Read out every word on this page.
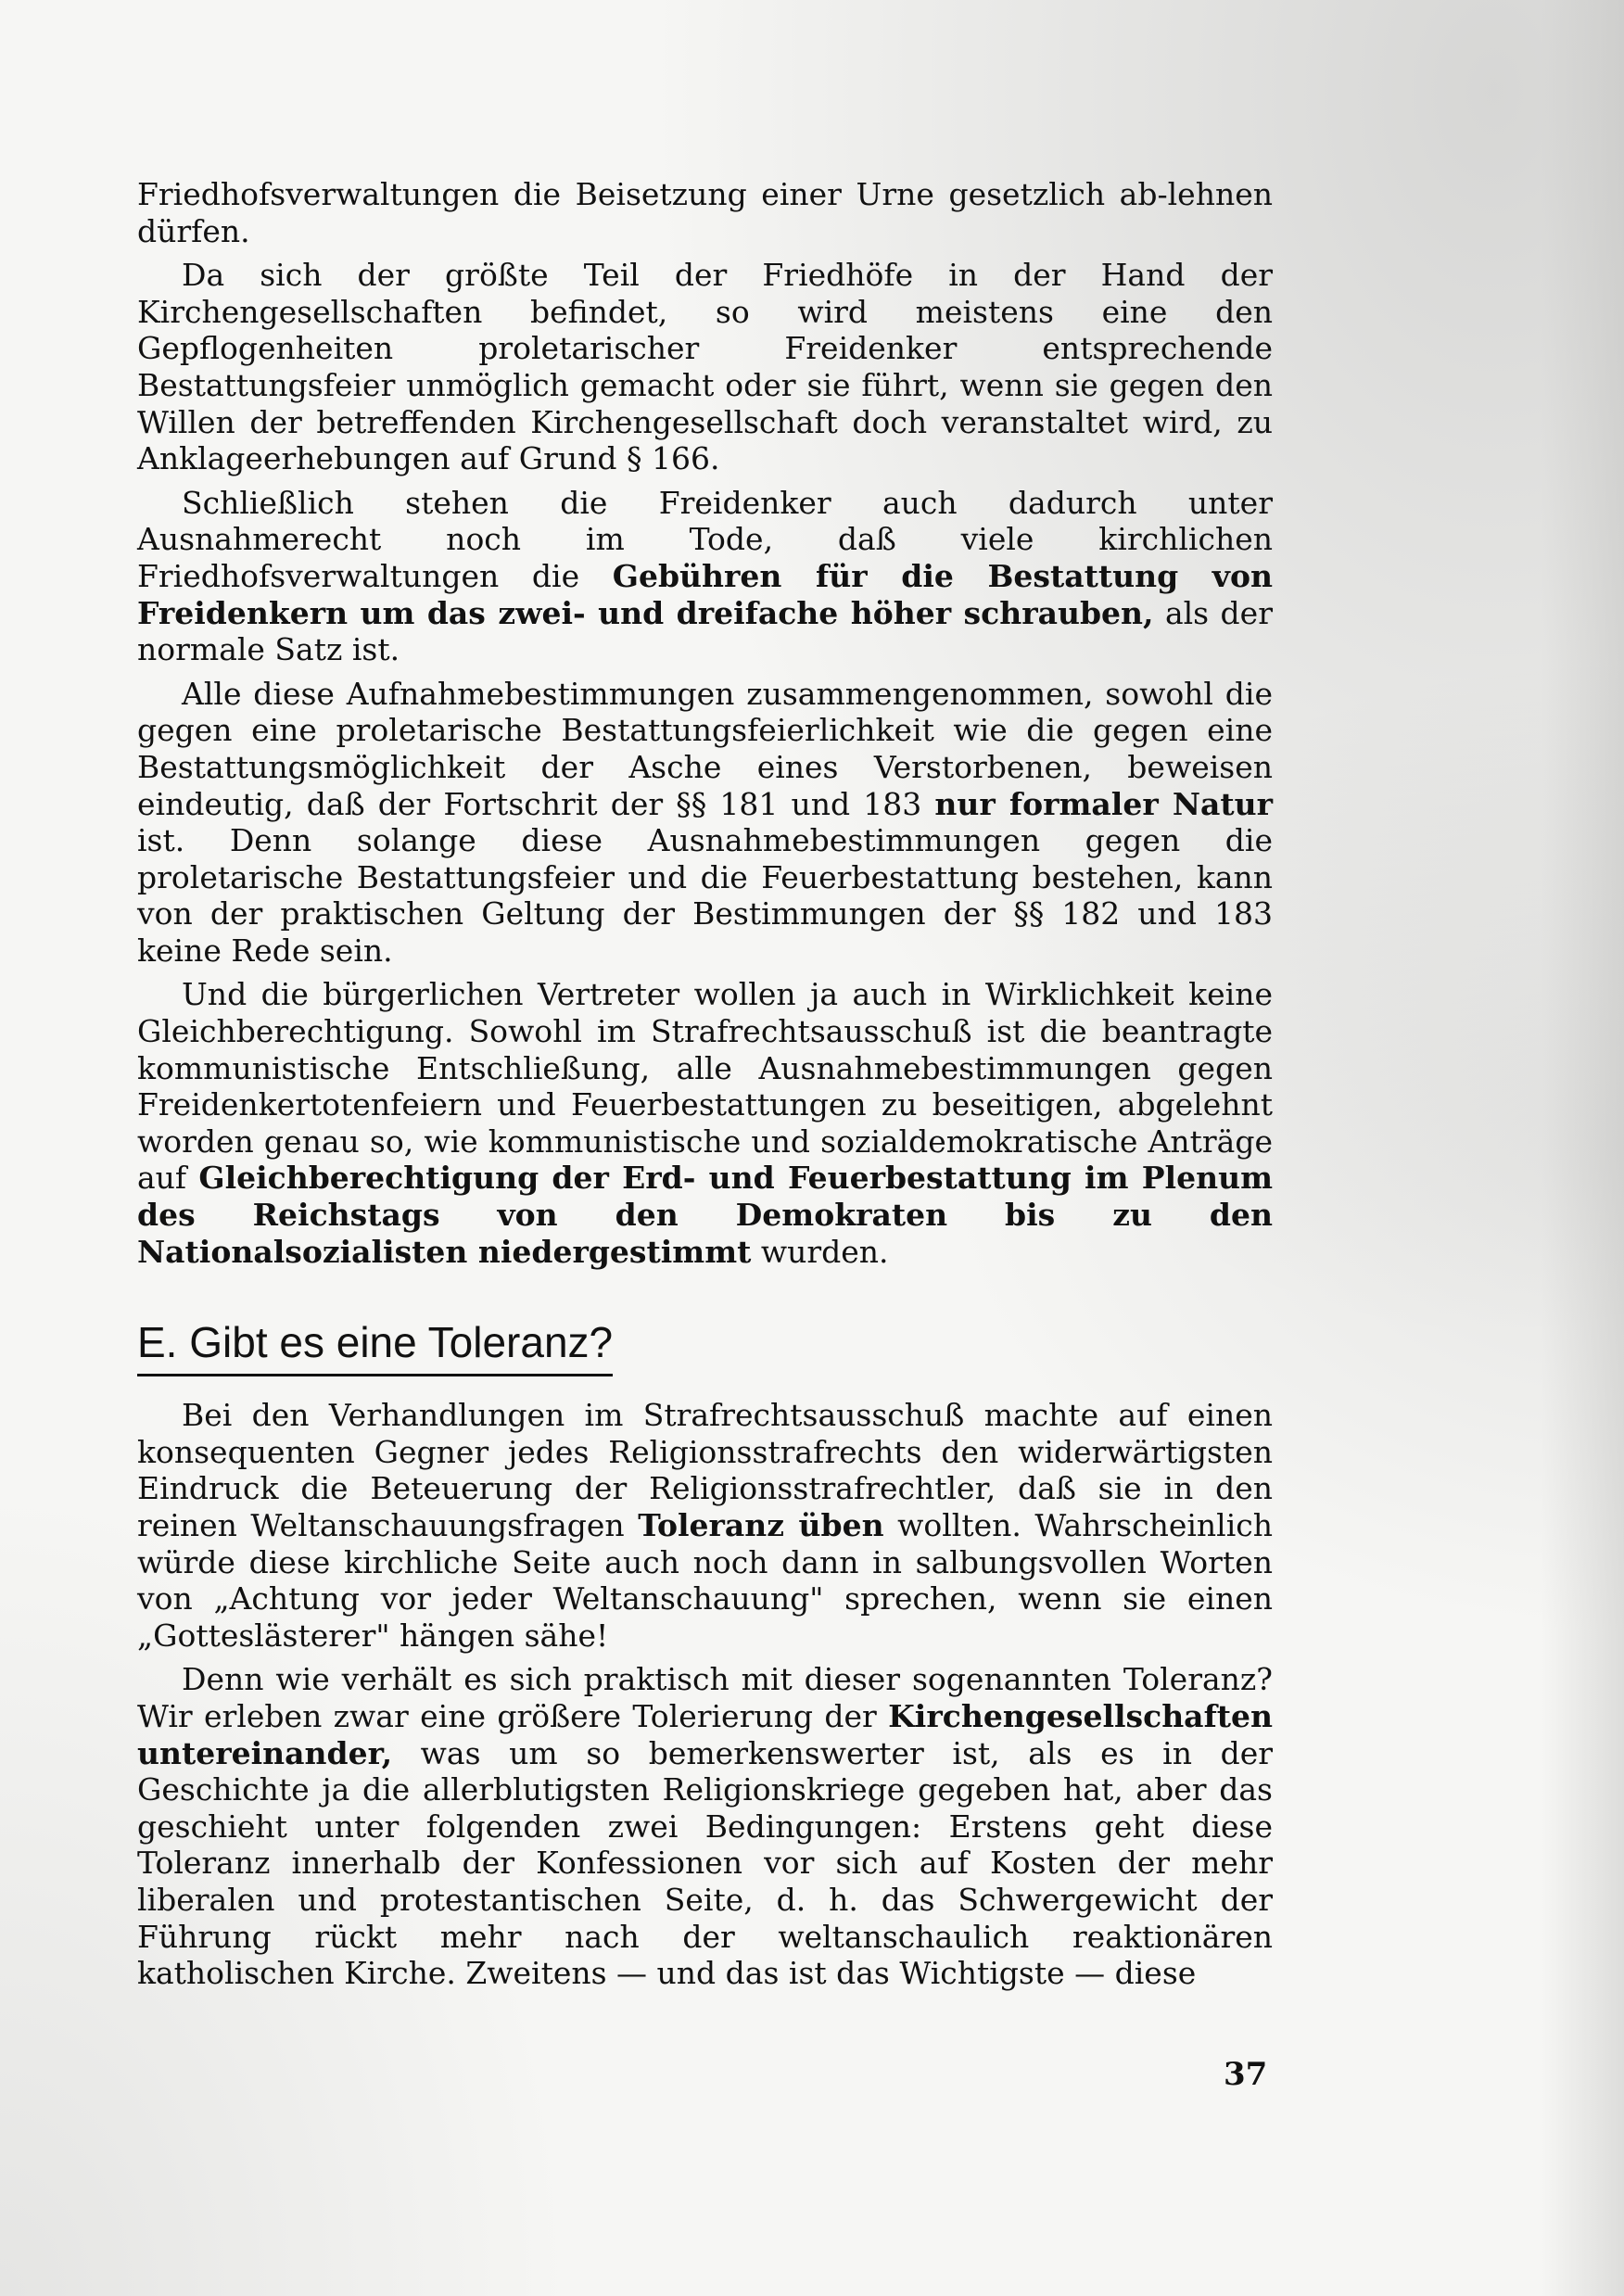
Friedhofsverwaltungen die Beisetzung einer Urne gesetzlich ab-lehnen dürfen.

Da sich der größte Teil der Friedhöfe in der Hand der Kirchengesellschaften befindet, so wird meistens eine den Gepflogenheiten proletarischer Freidenker entsprechende Bestattungsfeier unmöglich gemacht oder sie führt, wenn sie gegen den Willen der betreffenden Kirchengesellschaft doch veranstaltet wird, zu Anklageerhebungen auf Grund § 166.

Schließlich stehen die Freidenker auch dadurch unter Ausnahmerecht noch im Tode, daß viele kirchlichen Friedhofsverwaltungen die Gebühren für die Bestattung von Freidenkern um das zwei- und dreifache höher schrauben, als der normale Satz ist.

Alle diese Aufnahmebestimmungen zusammengenommen, sowohl die gegen eine proletarische Bestattungsfeierlichkeit wie die gegen eine Bestattungsmöglichkeit der Asche eines Verstorbenen, beweisen eindeutig, daß der Fortschrit der §§ 181 und 183 nur formaler Natur ist. Denn solange diese Ausnahmebestimmungen gegen die proletarische Bestattungsfeier und die Feuerbestattung bestehen, kann von der praktischen Geltung der Bestimmungen der §§ 182 und 183 keine Rede sein.

Und die bürgerlichen Vertreter wollen ja auch in Wirklichkeit keine Gleichberechtigung. Sowohl im Strafrechtsausschuß ist die beantragte kommunistische Entschließung, alle Ausnahmebestimmungen gegen Freidenkertotenfeiern und Feuerbestattungen zu beseitigen, abgelehnt worden genau so, wie kommunistische und sozialdemokratische Anträge auf Gleichberechtigung der Erd- und Feuerbestattung im Plenum des Reichstags von den Demokraten bis zu den Nationalsozialisten niedergestimmt wurden.

E. Gibt es eine Toleranz?

Bei den Verhandlungen im Strafrechtsausschuß machte auf einen konsequenten Gegner jedes Religionsstrafrechts den widerwärtigsten Eindruck die Beteuerung der Religionsstrafrechtler, daß sie in den reinen Weltanschauungsfragen Toleranz üben wollten. Wahrscheinlich würde diese kirchliche Seite auch noch dann in salbungsvollen Worten von „Achtung vor jeder Weltanschauung" sprechen, wenn sie einen „Gotteslästerer" hängen sähe!

Denn wie verhält es sich praktisch mit dieser sogenannten Toleranz? Wir erleben zwar eine größere Tolerierung der Kirchengesellschaften untereinander, was um so bemerkenswerter ist, als es in der Geschichte ja die allerblutigsten Religionskriege gegeben hat, aber das geschieht unter folgenden zwei Bedingungen: Erstens geht diese Toleranz innerhalb der Konfessionen vor sich auf Kosten der mehr liberalen und protestantischen Seite, d. h. das Schwergewicht der Führung rückt mehr nach der weltanschaulich reaktionären katholischen Kirche. Zweitens — und das ist das Wichtigste — diese

37
